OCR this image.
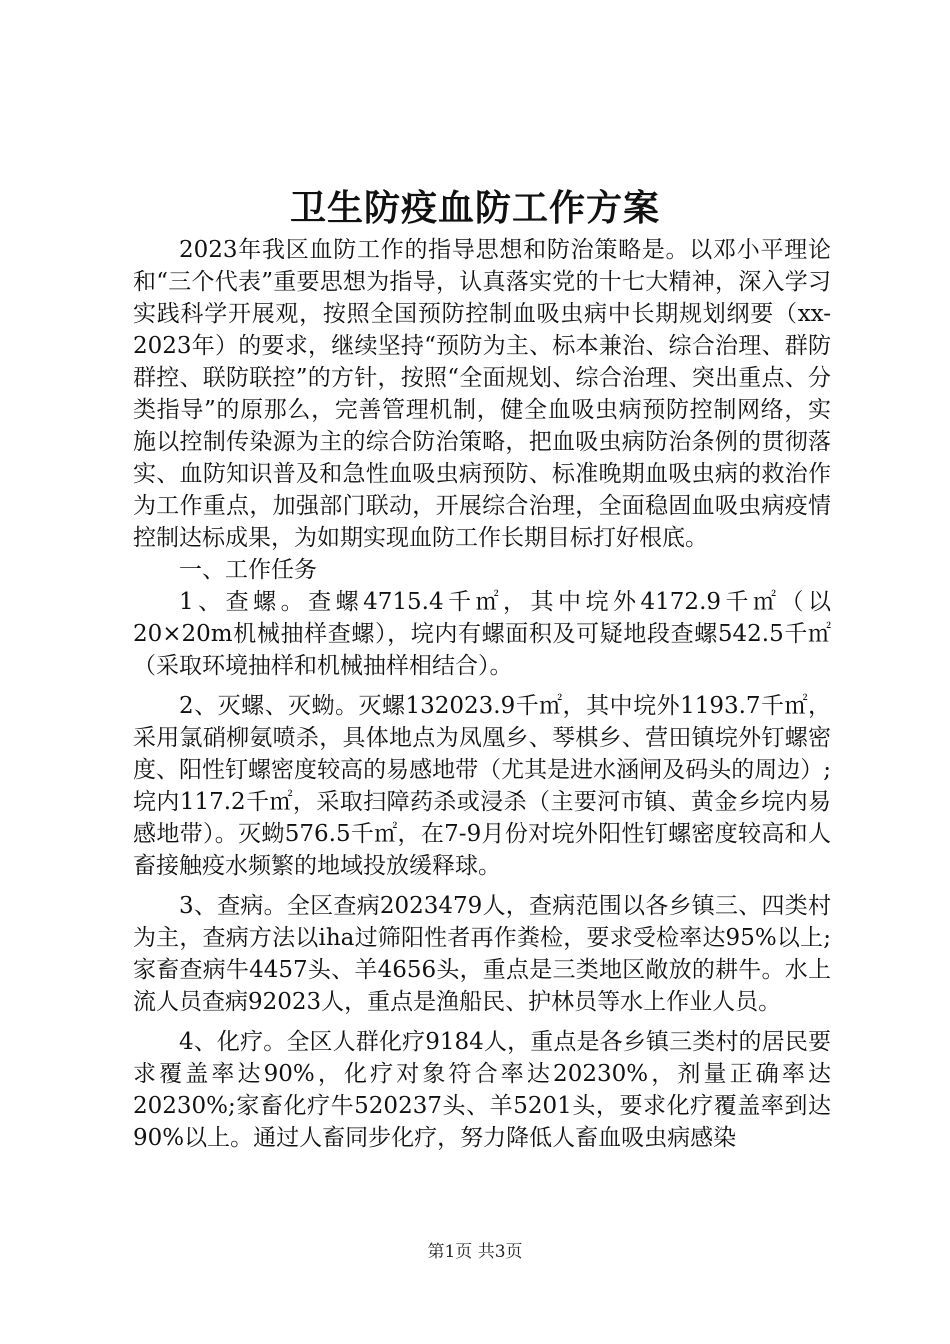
卫生防疫血防工作方案

2023年我区血防工作的指导思想和防治策略是。以邓小平理论和“三个代表”重要思想为指导，认真落实党的十七大精神，深入学习实践科学开展观，按照全国预防控制血吸虫病中长期规划纲要（xx-2023年）的要求，继续坚持“预防为主、标本兼治、综合治理、群防群控、联防联控”的方针，按照“全面规划、综合治理、突出重点、分类指导”的原那么，完善管理机制，健全血吸虫病预防控制网络，实施以控制传染源为主的综合防治策略，把血吸虫病防治条例的贯彻落实、血防知识普及和急性血吸虫病预防、标准晚期血吸虫病的救治作为工作重点，加强部门联动，开展综合治理，全面稳固血吸虫病疫情控制达标成果，为如期实现血防工作长期目标打好根底。

一、工作任务

1、查螺。查螺4715.4千㎡，其中垸外4172.9千㎡（以20×20m机械抽样查螺），垸内有螺面积及可疑地段查螺542.5千㎡（采取环境抽样和机械抽样相结合）。

2、灭螺、灭蚴。灭螺132023.9千㎡，其中垸外1193.7千㎡，采用氯硝柳氨喷杀，具体地点为凤凰乡、琴棋乡、营田镇垸外钉螺密度、阳性钉螺密度较高的易感地带（尤其是进水涵闸及码头的周边）;垸内117.2千㎡，采取扫障药杀或浸杀（主要河市镇、黄金乡垸内易感地带）。灭蚴576.5千㎡，在7-9月份对垸外阳性钉螺密度较高和人畜接触疫水频繁的地域投放缓释球。

3、查病。全区查病2023479人，查病范围以各乡镇三、四类村为主，查病方法以iha过筛阳性者再作粪检，要求受检率达95%以上;家畜查病牛4457头、羊4656头，重点是三类地区敞放的耕牛。水上流人员查病92023人，重点是渔船民、护林员等水上作业人员。

4、化疗。全区人群化疗9184人，重点是各乡镇三类村的居民要求覆盖率达90%，化疗对象符合率达20230%，剂量正确率达20230%;家畜化疗牛520237头、羊5201头，要求化疗覆盖率到达90%以上。通过人畜同步化疗，努力降低人畜血吸虫病感染

第1页 共3页
